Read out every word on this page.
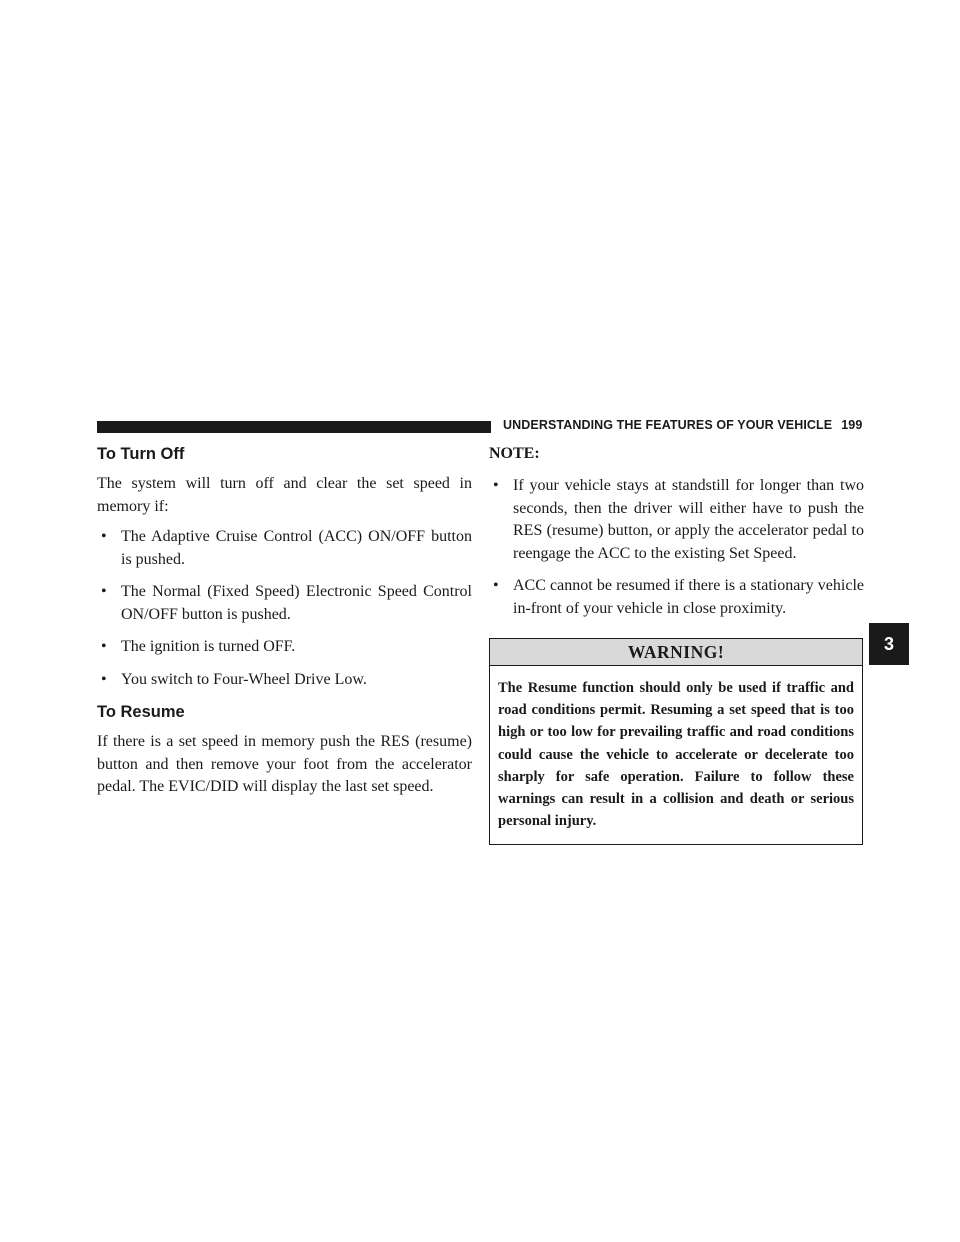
UNDERSTANDING THE FEATURES OF YOUR VEHICLE 199
3
To Turn Off

The system will turn off and clear the set speed in memory if:

• The Adaptive Cruise Control (ACC) ON/OFF button is pushed.
• The Normal (Fixed Speed) Electronic Speed Control ON/OFF button is pushed.
• The ignition is turned OFF.
• You switch to Four-Wheel Drive Low.
To Resume

If there is a set speed in memory push the RES (resume) button and then remove your foot from the accelerator pedal. The EVIC/DID will display the last set speed.

NOTE:
• If your vehicle stays at standstill for longer than two seconds, then the driver will either have to push the RES (resume) button, or apply the accelerator pedal to reengage the ACC to the existing Set Speed.
• ACC cannot be resumed if there is a stationary vehicle in-front of your vehicle in close proximity.
WARNING!
The Resume function should only be used if traffic and road conditions permit. Resuming a set speed that is too high or too low for prevailing traffic and road conditions could cause the vehicle to accelerate or decelerate too sharply for safe operation. Failure to follow these warnings can result in a collision and death or serious personal injury.
